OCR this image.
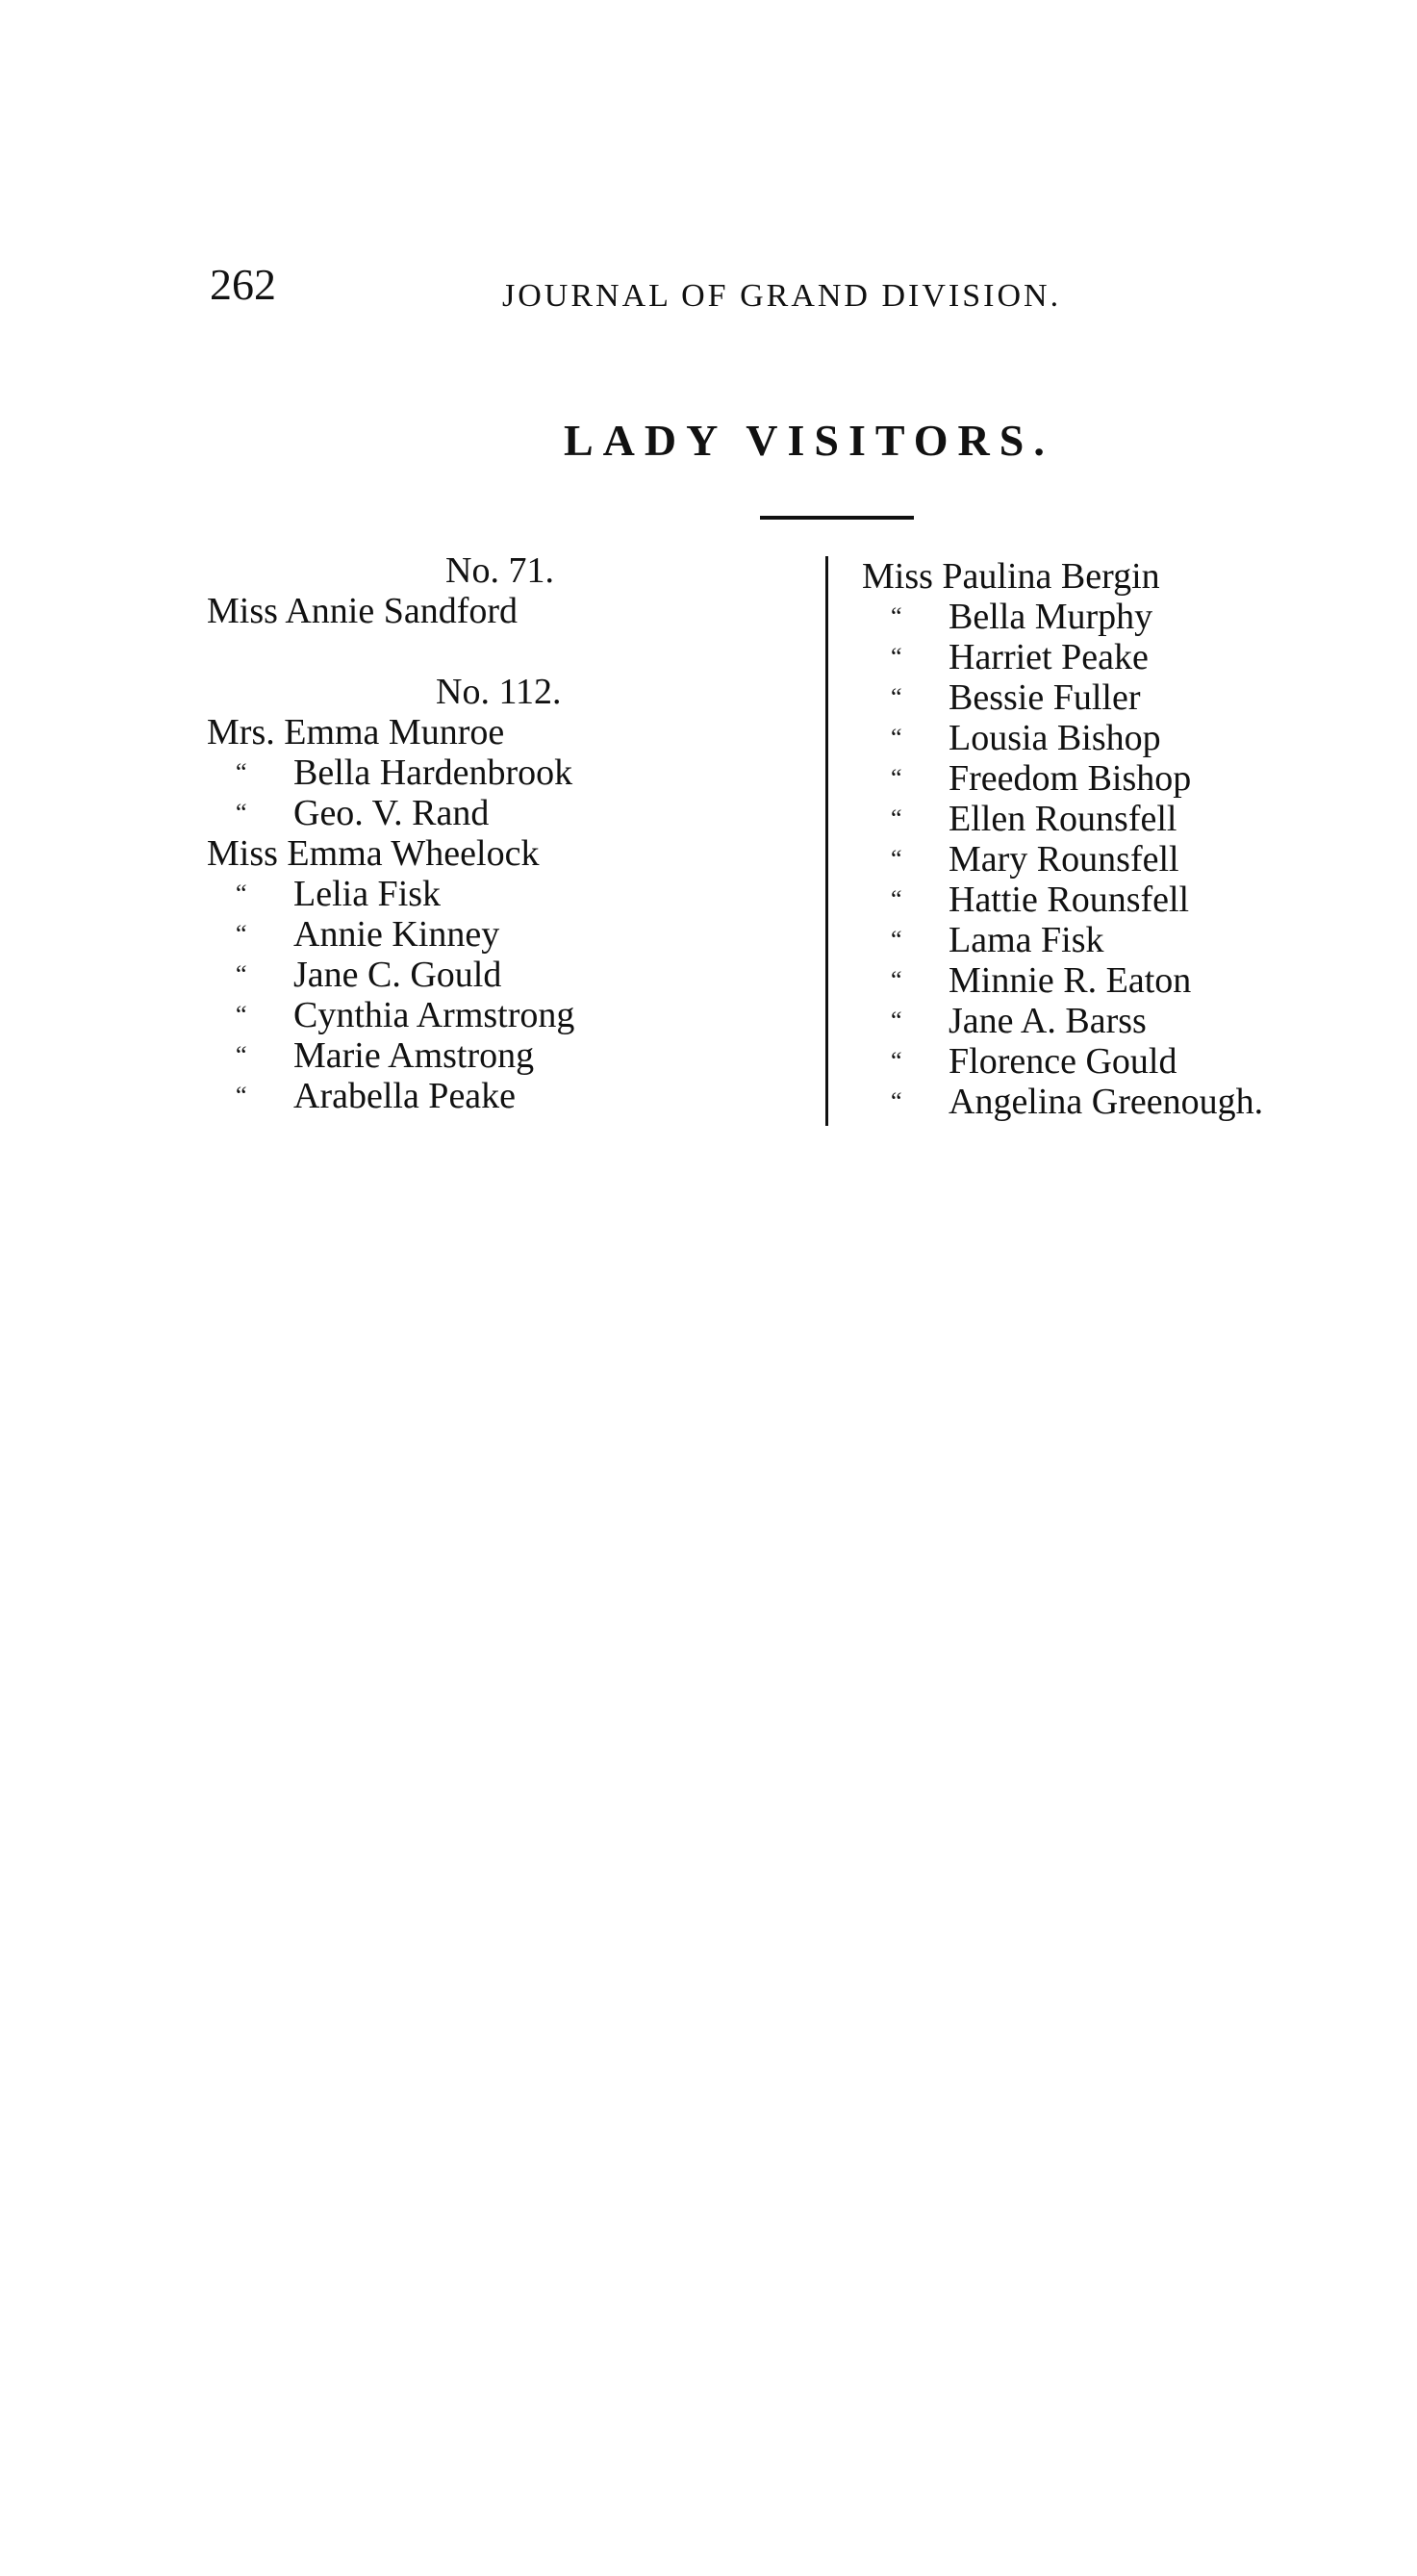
262	JOURNAL OF GRAND DIVISION.
LADY VISITORS.
No. 71.
Miss Annie Sandford
No. 112.
Mrs. Emma Munroe
“ Bella Hardenbrook
“ Geo. V. Rand
Miss Emma Wheelock
“ Lelia Fisk
“ Annie Kinney
“ Jane C. Gould
“ Cynthia Armstrong
“ Marie Amstrong
“ Arabella Peake
Miss Paulina Bergin
“ Bella Murphy
“ Harriet Peake
“ Bessie Fuller
“ Lousia Bishop
“ Freedom Bishop
“ Ellen Rounsfell
“ Mary Rounsfell
“ Hattie Rounsfell
“ Lama Fisk
“ Minnie R. Eaton
“ Jane A. Barss
“ Florence Gould
“ Angelina Greenough.
